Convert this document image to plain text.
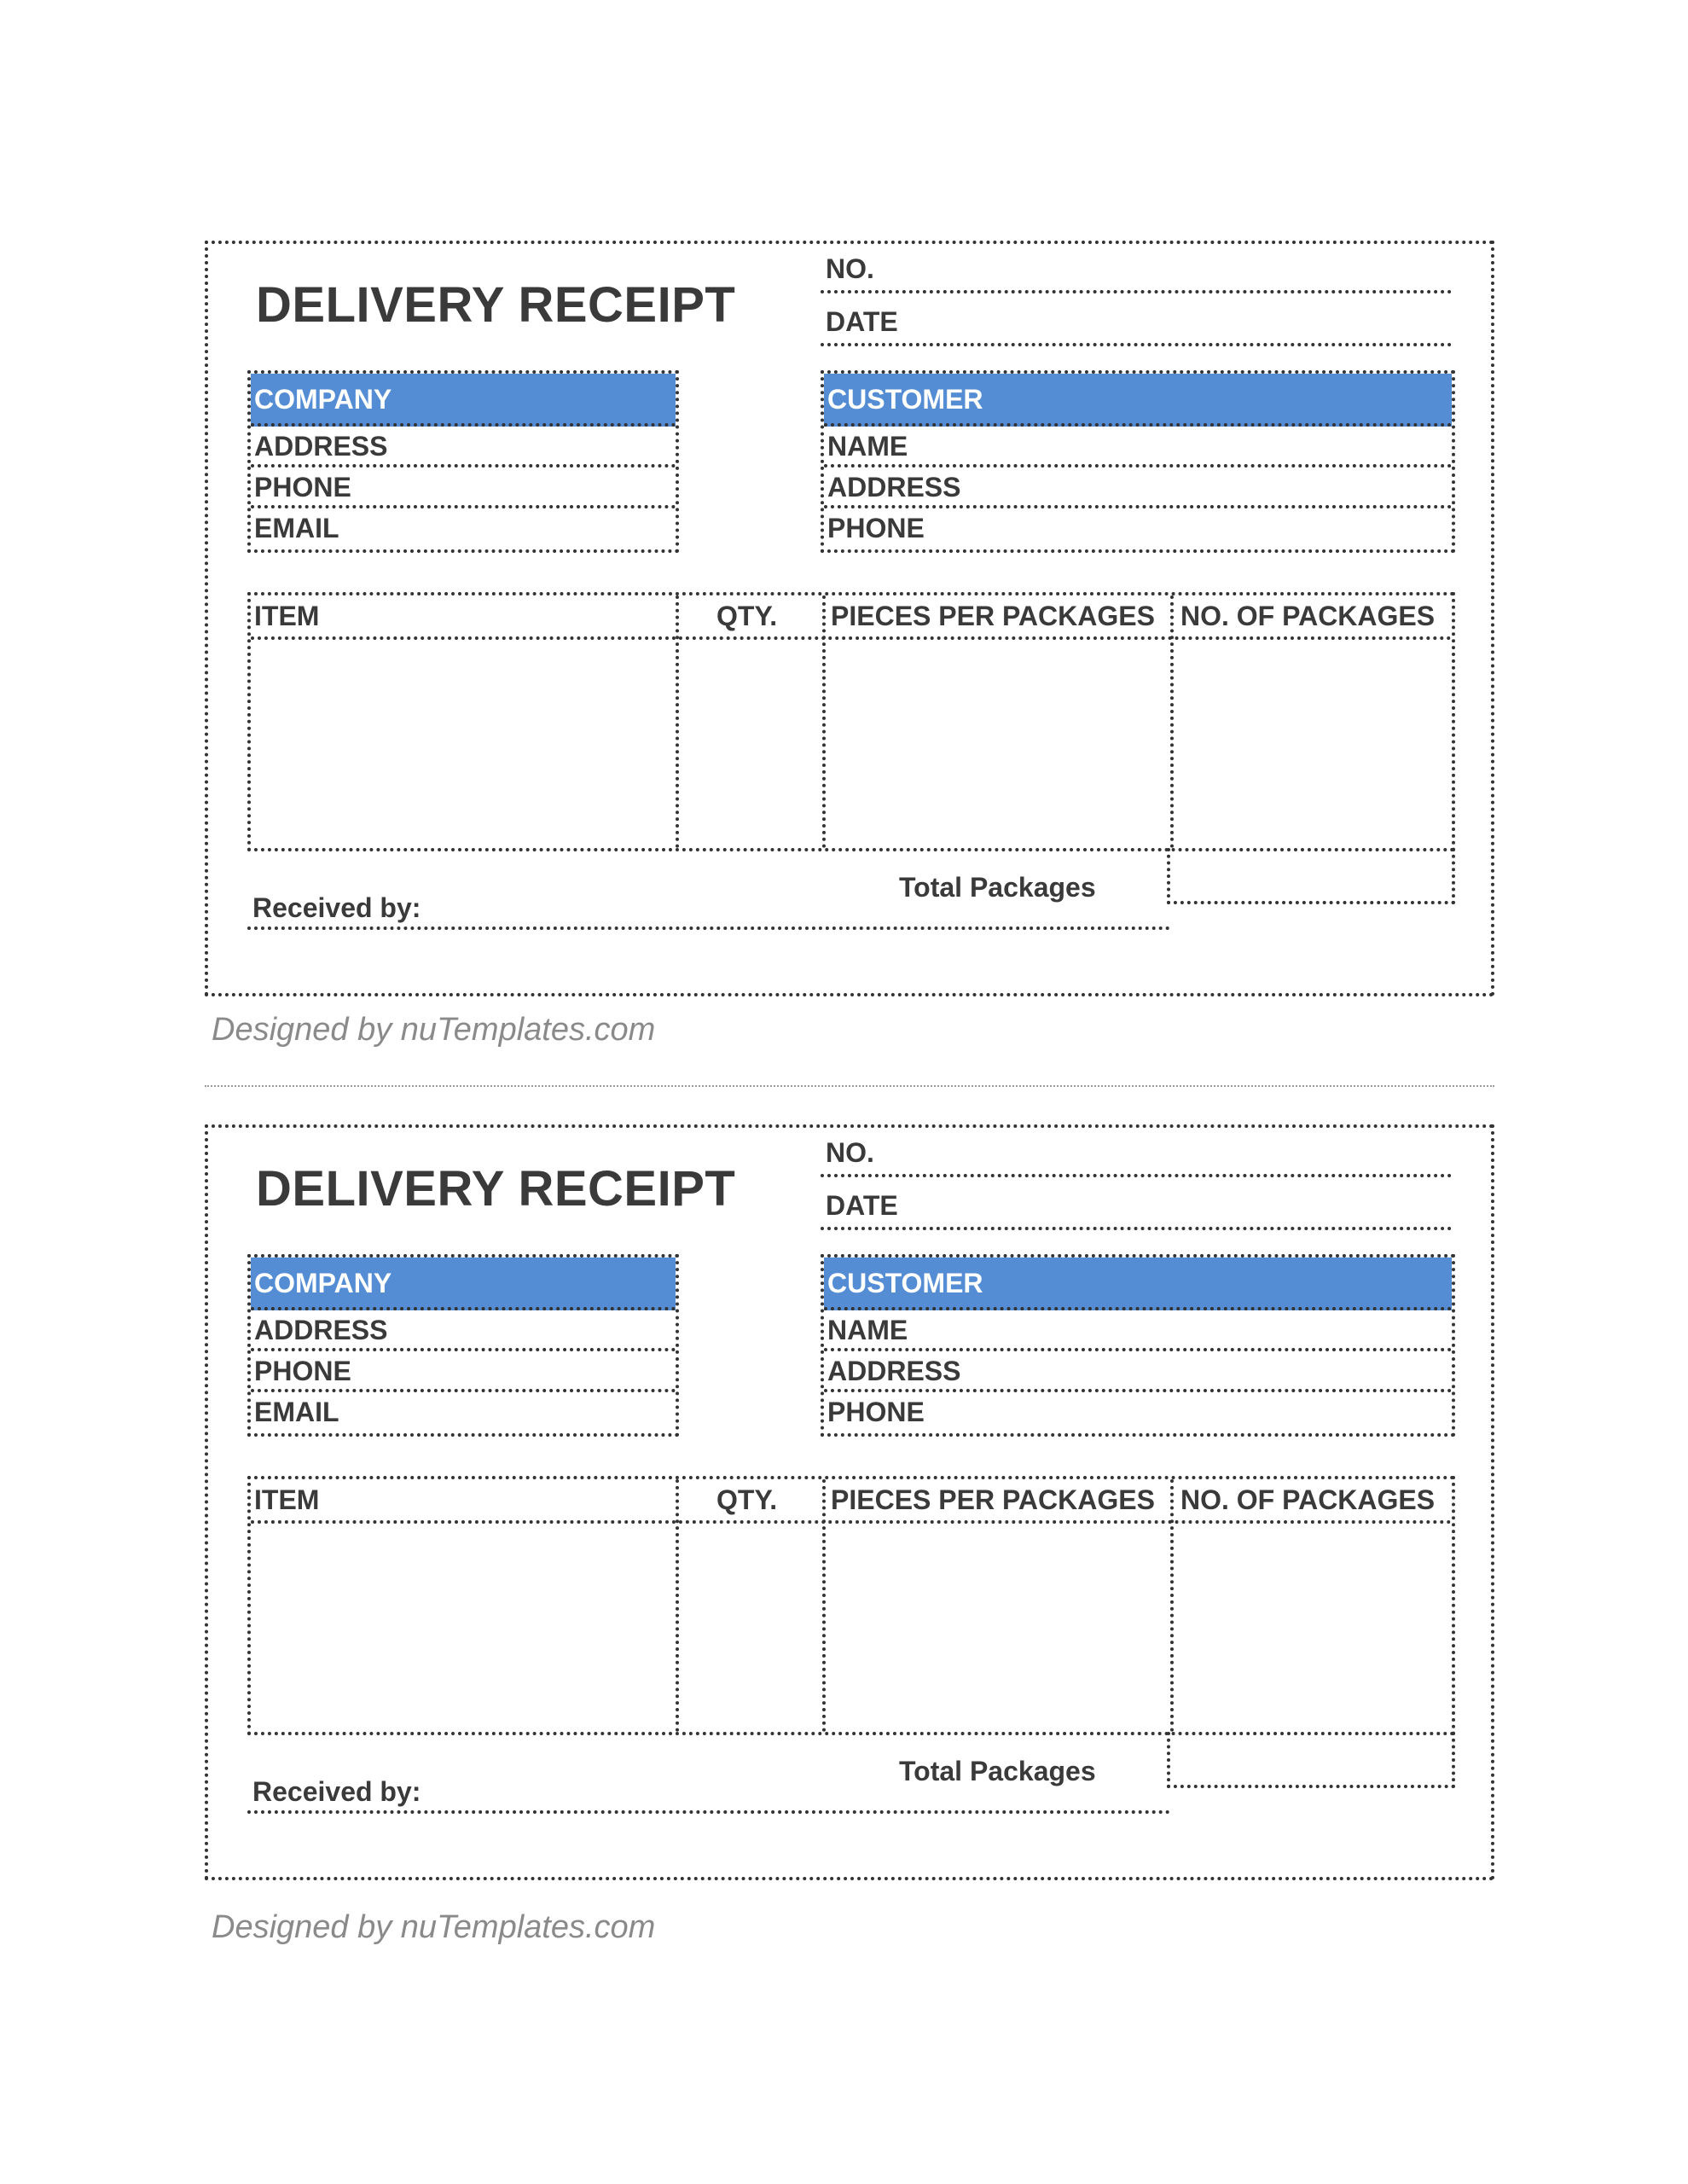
DELIVERY RECEIPT
NO.
DATE
COMPANY
ADDRESS
PHONE
EMAIL
CUSTOMER
NAME
ADDRESS
PHONE
ITEM	QTY. PIECES PER PACKAGES NO. OF PACKAGES
Total Packages
Received by:
Designed by nuTemplates.com
DELIVERY RECEIPT
NO.
DATE
COMPANY
ADDRESS
PHONE
EMAIL
CUSTOMER
NAME
ADDRESS
PHONE
ITEM	QTY. PIECES PER PACKAGES NO. OF PACKAGES
Total Packages
Received by:
Designed by nuTemplates.com
